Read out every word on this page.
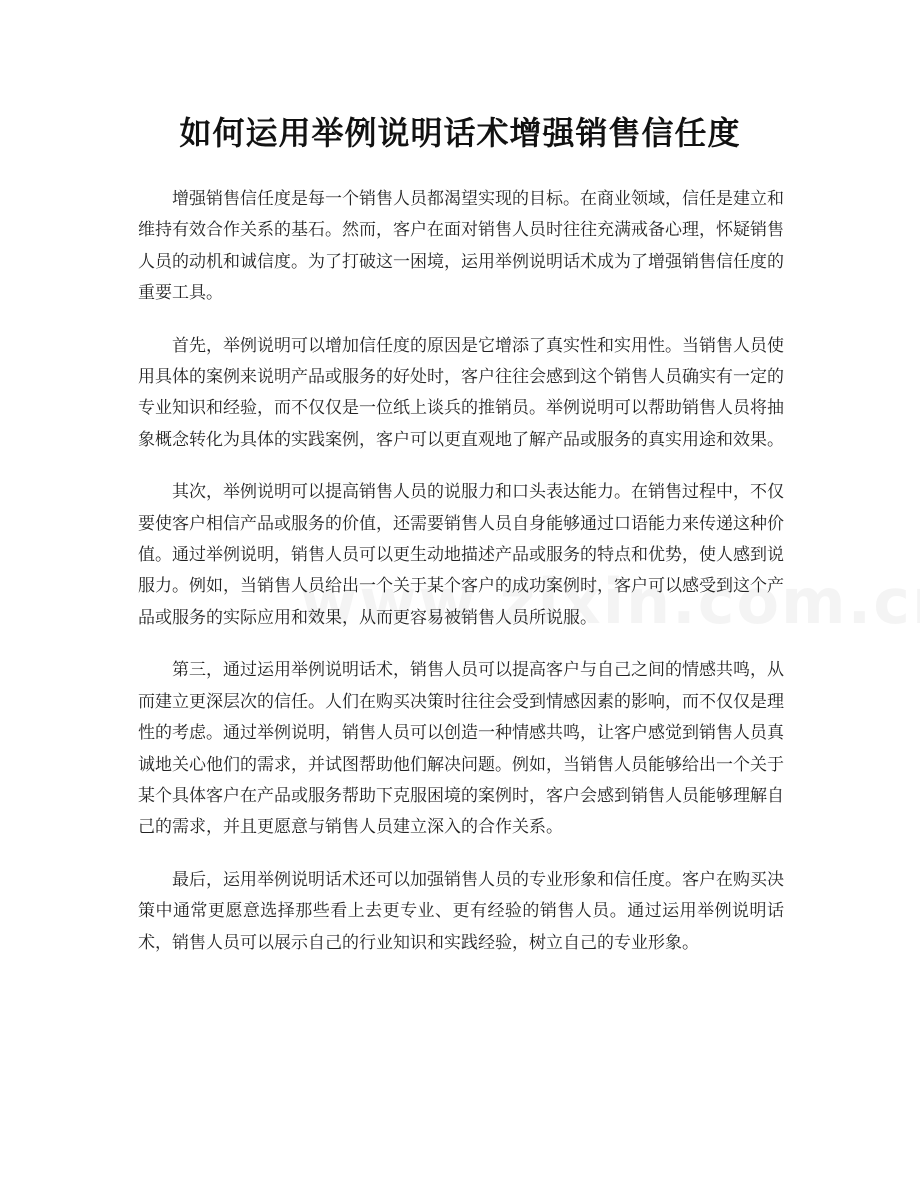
如何运用举例说明话术增强销售信任度

增强销售信任度是每一个销售人员都渴望实现的目标。在商业领域，信任是建立和维持有效合作关系的基石。然而，客户在面对销售人员时往往充满戒备心理，怀疑销售人员的动机和诚信度。为了打破这一困境，运用举例说明话术成为了增强销售信任度的重要工具。

首先，举例说明可以增加信任度的原因是它增添了真实性和实用性。当销售人员使用具体的案例来说明产品或服务的好处时，客户往往会感到这个销售人员确实有一定的专业知识和经验，而不仅仅是一位纸上谈兵的推销员。举例说明可以帮助销售人员将抽象概念转化为具体的实践案例，客户可以更直观地了解产品或服务的真实用途和效果。

其次，举例说明可以提高销售人员的说服力和口头表达能力。在销售过程中，不仅要使客户相信产品或服务的价值，还需要销售人员自身能够通过口语能力来传递这种价值。通过举例说明，销售人员可以更生动地描述产品或服务的特点和优势，使人感到说服力。例如，当销售人员给出一个关于某个客户的成功案例时，客户可以感受到这个产品或服务的实际应用和效果，从而更容易被销售人员所说服。

第三，通过运用举例说明话术，销售人员可以提高客户与自己之间的情感共鸣，从而建立更深层次的信任。人们在购买决策时往往会受到情感因素的影响，而不仅仅是理性的考虑。通过举例说明，销售人员可以创造一种情感共鸣，让客户感觉到销售人员真诚地关心他们的需求，并试图帮助他们解决问题。例如，当销售人员能够给出一个关于某个具体客户在产品或服务帮助下克服困境的案例时，客户会感到销售人员能够理解自己的需求，并且更愿意与销售人员建立深入的合作关系。

最后，运用举例说明话术还可以加强销售人员的专业形象和信任度。客户在购买决策中通常更愿意选择那些看上去更专业、更有经验的销售人员。通过运用举例说明话术，销售人员可以展示自己的行业知识和实践经验，树立自己的专业形象。
